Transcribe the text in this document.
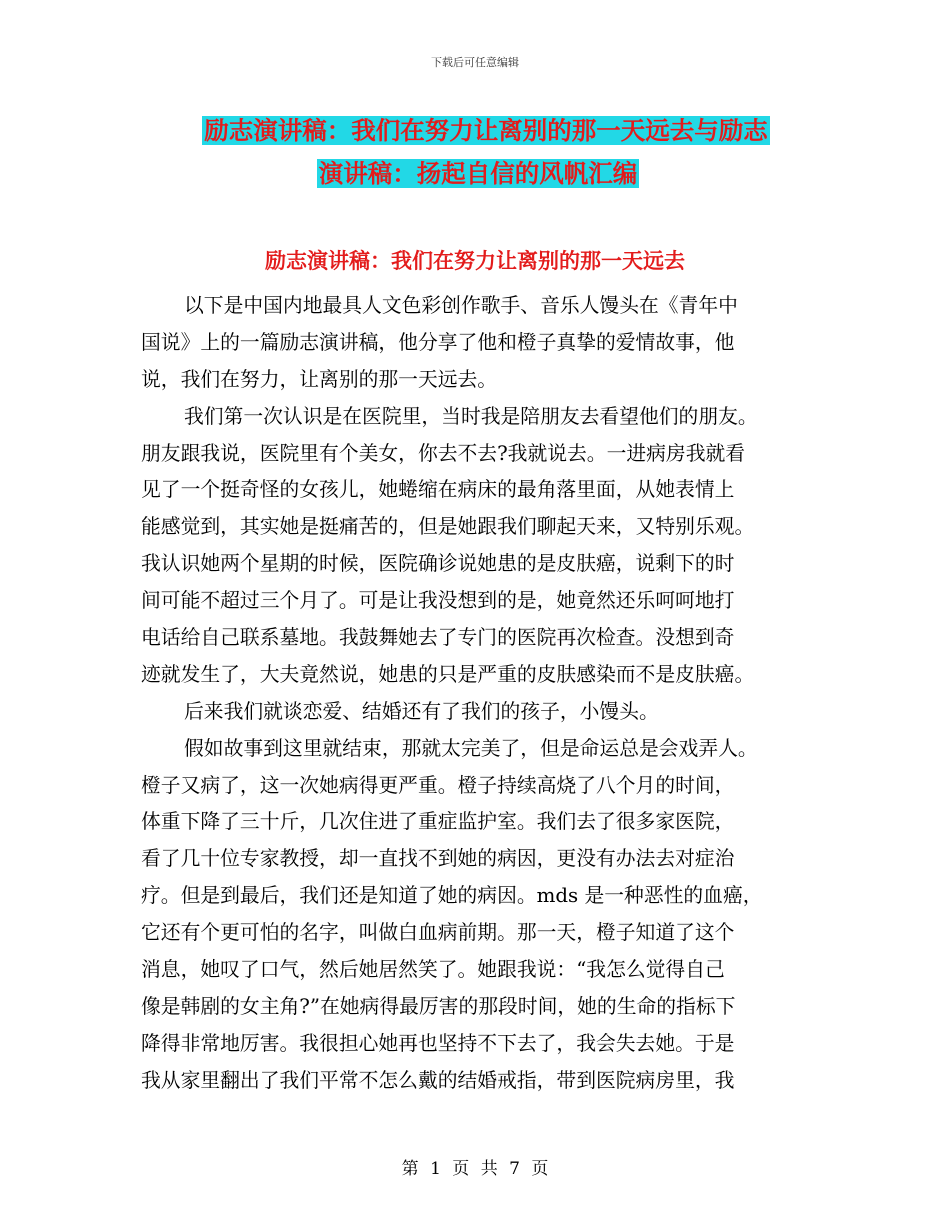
下载后可任意编辑
励志演讲稿：我们在努力让离别的那一天远去与励志
演讲稿：扬起自信的风帆汇编
励志演讲稿：我们在努力让离别的那一天远去
以下是中国内地最具人文色彩创作歌手、音乐人馒头在《青年中
国说》上的一篇励志演讲稿，他分享了他和橙子真挚的爱情故事，他
说，我们在努力，让离别的那一天远去。
我们第一次认识是在医院里，当时我是陪朋友去看望他们的朋友。
朋友跟我说，医院里有个美女，你去不去?我就说去。一进病房我就看
见了一个挺奇怪的女孩儿，她蜷缩在病床的最角落里面，从她表情上
能感觉到，其实她是挺痛苦的，但是她跟我们聊起天来，又特别乐观。
我认识她两个星期的时候，医院确诊说她患的是皮肤癌，说剩下的时
间可能不超过三个月了。可是让我没想到的是，她竟然还乐呵呵地打
电话给自己联系墓地。我鼓舞她去了专门的医院再次检查。没想到奇
迹就发生了，大夫竟然说，她患的只是严重的皮肤感染而不是皮肤癌。
后来我们就谈恋爱、结婚还有了我们的孩子，小馒头。
假如故事到这里就结束，那就太完美了，但是命运总是会戏弄人。
橙子又病了，这一次她病得更严重。橙子持续高烧了八个月的时间，
体重下降了三十斤，几次住进了重症监护室。我们去了很多家医院，
看了几十位专家教授，却一直找不到她的病因，更没有办法去对症治
疗。但是到最后，我们还是知道了她的病因。mds 是一种恶性的血癌，
它还有个更可怕的名字，叫做白血病前期。那一天，橙子知道了这个
消息，她叹了口气，然后她居然笑了。她跟我说：“我怎么觉得自己
像是韩剧的女主角?”在她病得最厉害的那段时间，她的生命的指标下
降得非常地厉害。我很担心她再也坚持不下去了，我会失去她。于是
我从家里翻出了我们平常不怎么戴的结婚戒指，带到医院病房里，我
第 1 页 共 7 页
